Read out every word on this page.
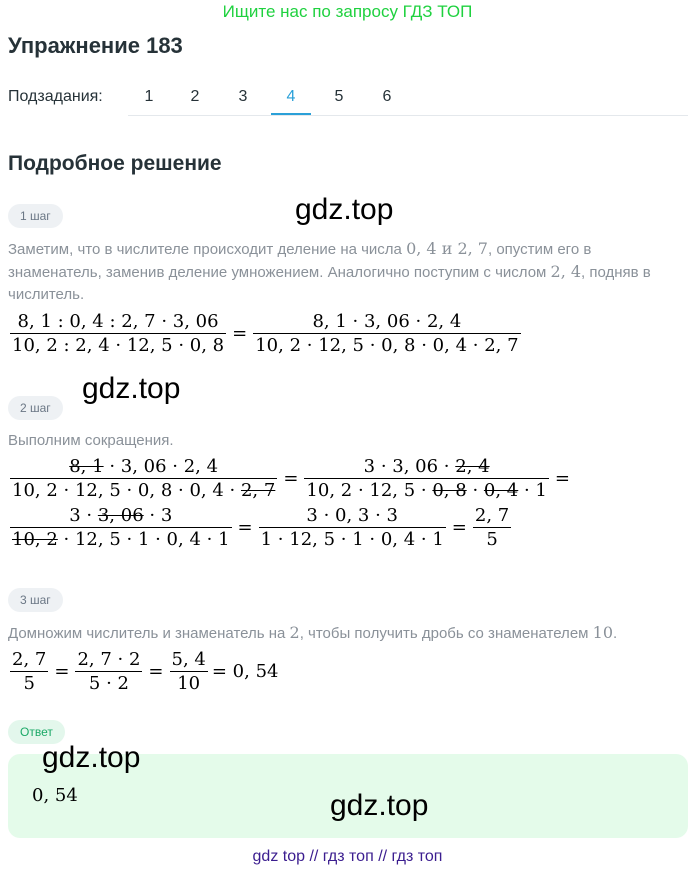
Ищите нас по запросу ГДЗ ТОП
Упражнение 183
Подзадания:	1	2	3	4	5	6
Подробное решение
1 шаг	gdz.top
Заметим, что в числителе происходит деление на числа 0, 4 и 2, 7, опустим его в знаменатель, заменив деление умножением. Аналогично поступим с числом 2, 4, подняв в числитель.
$\frac{8, 1 : 0, 4 : 2, 7 \cdot 3, 06}{10, 2 : 2, 4 \cdot 12, 5 \cdot 0, 8} = \frac{8, 1 \cdot 3, 06 \cdot 2, 4}{10, 2 \cdot 12, 5 \cdot 0, 8 \cdot 0, 4 \cdot 2, 7}$
gdz.top
2 шаг
Выполним сокращения.
$\frac{8, 1 \cdot 3, 06 \cdot 2, 4}{10, 2 \cdot 12, 5 \cdot 0, 8 \cdot 0, 4 \cdot 2, 7} = \frac{3 \cdot 3, 06 \cdot 2, 4}{10, 2 \cdot 12, 5 \cdot 0, 8 \cdot 0, 4 \cdot 1}$ =
$\frac{3 \cdot 3, 06 \cdot 3}{10, 2 \cdot 12, 5 \cdot 1 \cdot 0, 4 \cdot 1} = \frac{3 \cdot 0, 3 \cdot 3}{1 \cdot 12, 5 \cdot 1 \cdot 0, 4 \cdot 1} = \frac{2, 7}{5}$
3 шаг
Домножим числитель и знаменатель на 2, чтобы получить дробь со знаменателем 10.
$\frac{2, 7}{5} = \frac{2, 7 \cdot 2}{5 \cdot 2} = \frac{5, 4}{10} = 0$, 54
Ответ
gdz.top
0, 54	gdz.top
gdz top // гдз топ // гдз топ
